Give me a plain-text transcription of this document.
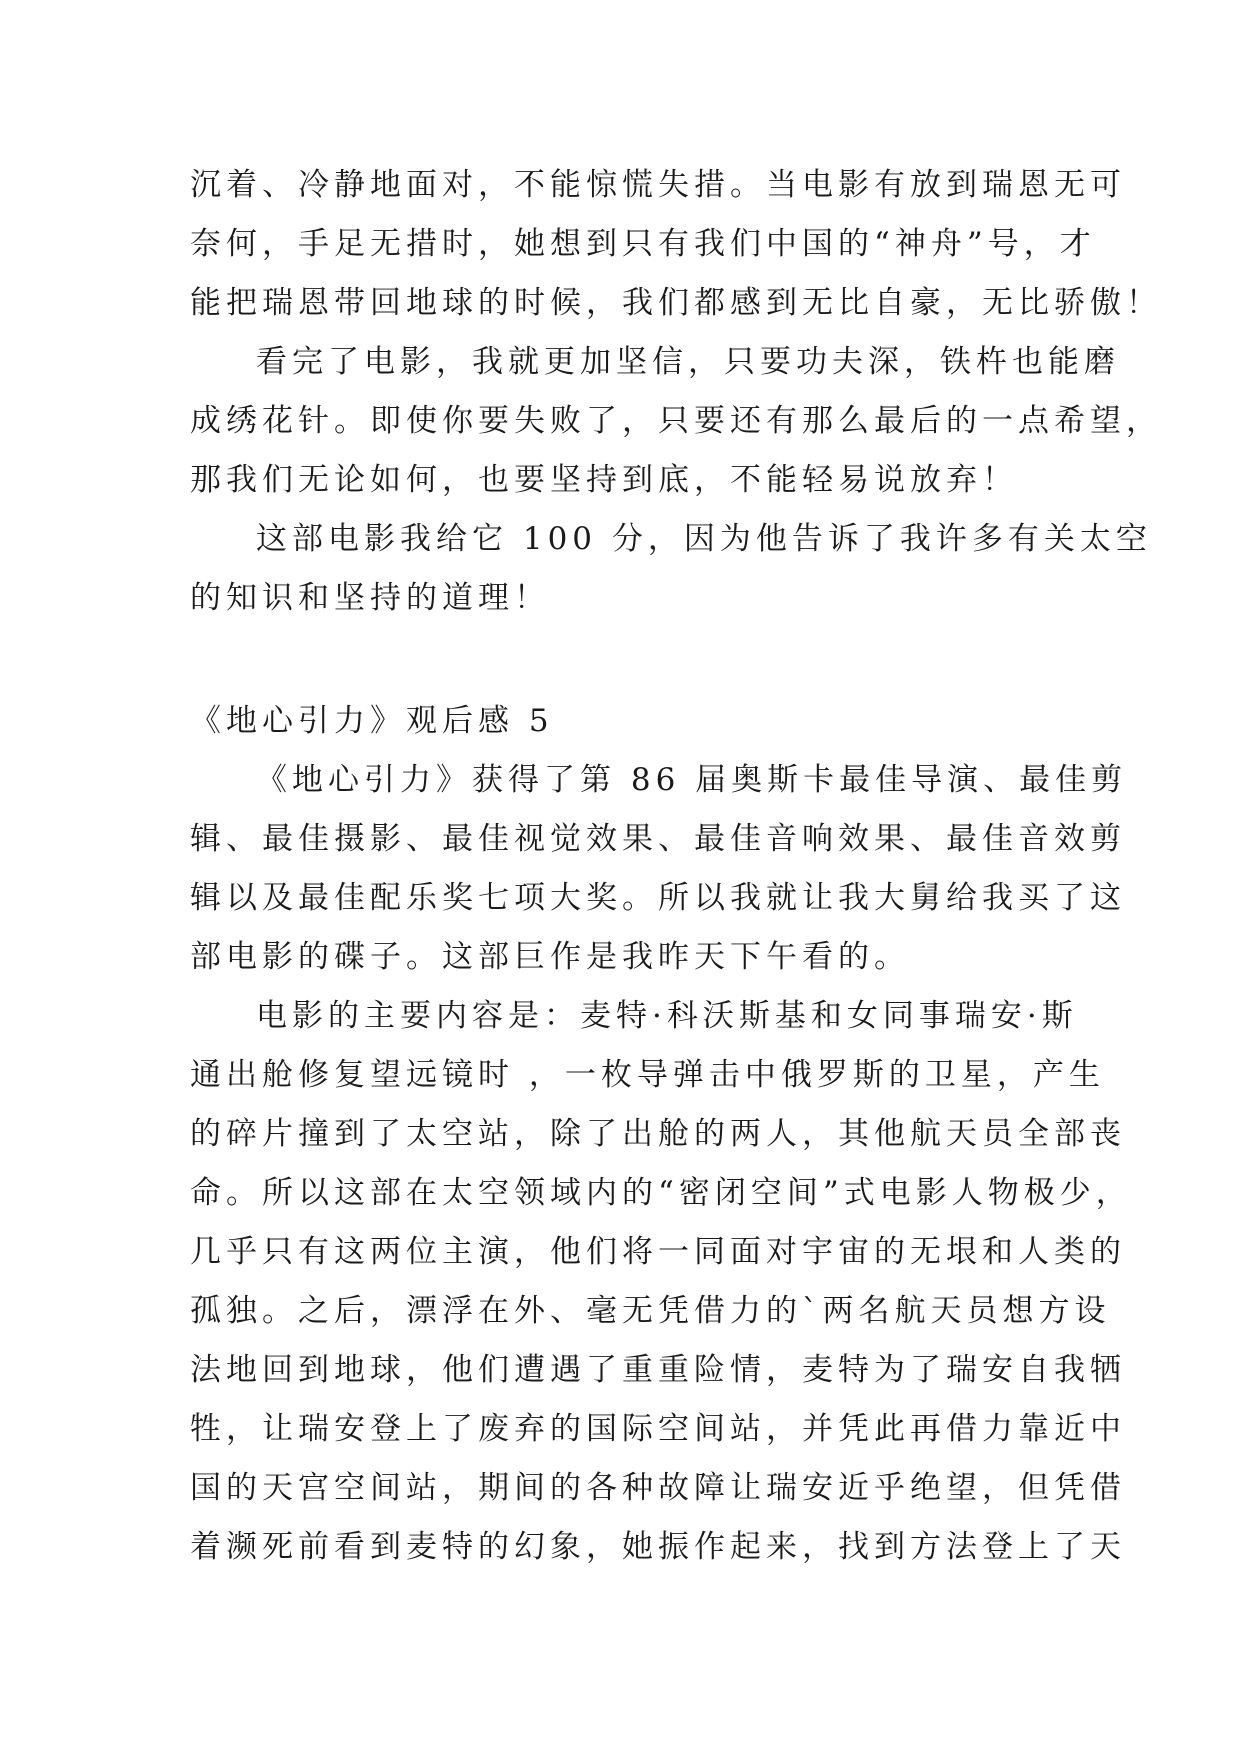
沉着、冷静地面对，不能惊慌失措。当电影有放到瑞恩无可
奈何，手足无措时，她想到只有我们中国的“神舟”号，才
能把瑞恩带回地球的时候，我们都感到无比自豪，无比骄傲！
看完了电影，我就更加坚信，只要功夫深，铁杵也能磨
成绣花针。即使你要失败了，只要还有那么最后的一点希望，
那我们无论如何，也要坚持到底，不能轻易说放弃！
这部电影我给它 100 分，因为他告诉了我许多有关太空
的知识和坚持的道理！
《地心引力》观后感 5
《地心引力》获得了第 86 届奥斯卡最佳导演、最佳剪
辑、最佳摄影、最佳视觉效果、最佳音响效果、最佳音效剪
辑以及最佳配乐奖七项大奖。所以我就让我大舅给我买了这
部电影的碟子。这部巨作是我昨天下午看的。
电影的主要内容是：麦特·科沃斯基和女同事瑞安·斯
通出舱修复望远镜时 ，一枚导弹击中俄罗斯的卫星，产生
的碎片撞到了太空站，除了出舱的两人，其他航天员全部丧
命。所以这部在太空领域内的“密闭空间”式电影人物极少，
几乎只有这两位主演，他们将一同面对宇宙的无垠和人类的
孤独。之后，漂浮在外、毫无凭借力的`两名航天员想方设
法地回到地球，他们遭遇了重重险情，麦特为了瑞安自我牺
牲，让瑞安登上了废弃的国际空间站，并凭此再借力靠近中
国的天宫空间站，期间的各种故障让瑞安近乎绝望，但凭借
着濒死前看到麦特的幻象，她振作起来，找到方法登上了天
